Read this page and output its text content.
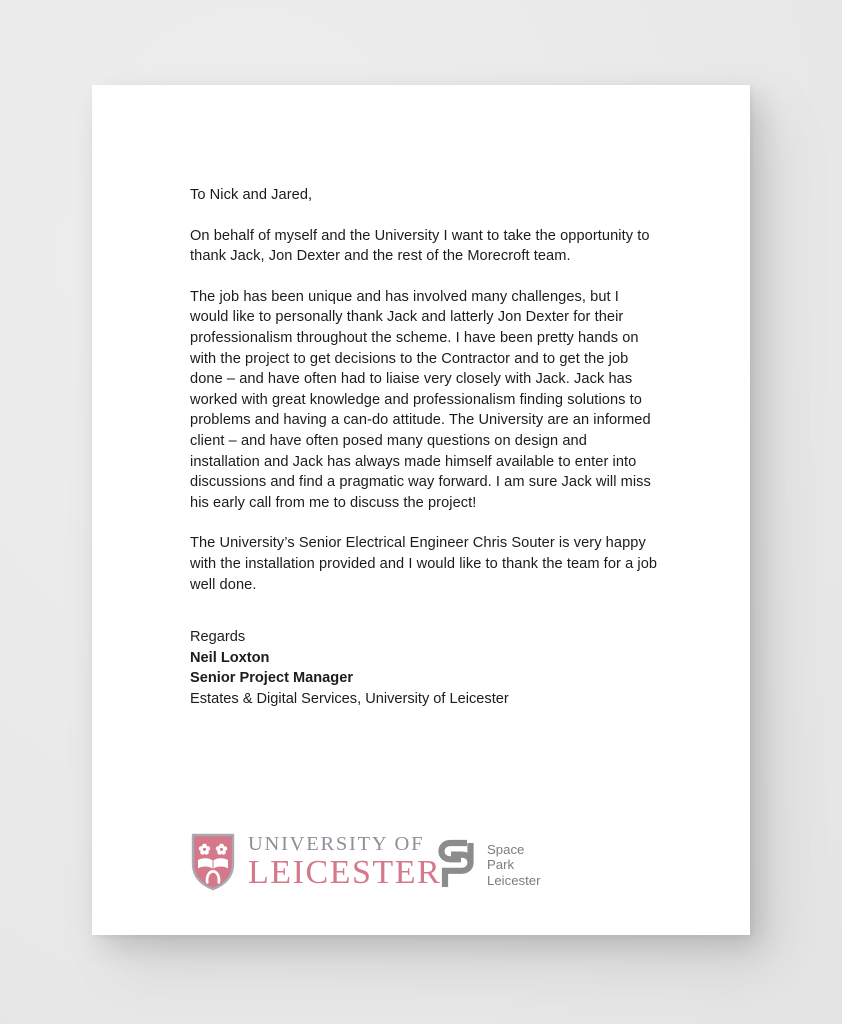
To Nick and Jared,

On behalf of myself and the University I want to take the opportunity to thank Jack, Jon Dexter and the rest of the Morecroft team.

The job has been unique and has involved many challenges, but I would like to personally thank Jack and latterly Jon Dexter for their professionalism throughout the scheme. I have been pretty hands on with the project to get decisions to the Contractor and to get the job done – and have often had to liaise very closely with Jack. Jack has worked with great knowledge and professionalism finding solutions to problems and having a can-do attitude. The University are an informed client – and have often posed many questions on design and installation and Jack has always made himself available to enter into discussions and find a pragmatic way forward. I am sure Jack will miss his early call from me to discuss the project!

The University’s Senior Electrical Engineer Chris Souter is very happy with the installation provided and I would like to thank the team for a job well done.

Regards
Neil Loxton
Senior Project Manager
Estates & Digital Services, University of Leicester
UNIVERSITY OF
LEICESTER
Space
Park
Leicester
